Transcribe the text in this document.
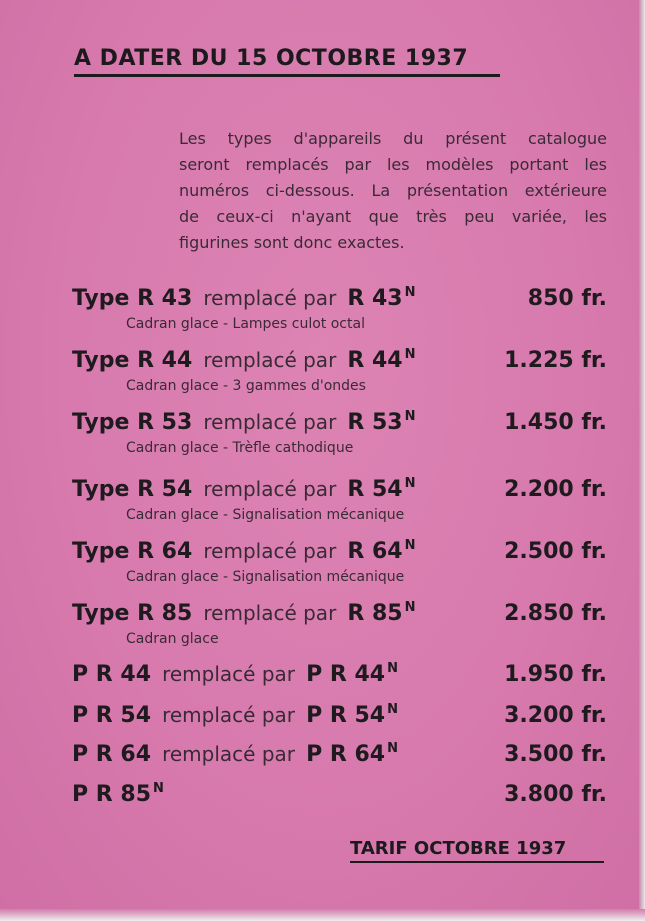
A DATER DU 15 OCTOBRE 1937

Les types d'appareils du présent catalogue

seront remplacés par les modèles portant les

numéros ci-dessous. La présentation extérieure

de ceux-ci n'ayant que très peu variée, les

figurines sont donc exactes.

Type R 43 remplacé par R 43 $^N$	850 fr.
Cadran glace - Lampes culot octal
Type R 44 remplacé par R 44 $^N$	1.225 fr.
Cadran glace - 3 gammes d'ondes
Type R 53 remplacé par R 53 $^N$	1.450 fr.
Cadran glace - Trèfle cathodique
Type R 54 remplacé par R 54 $^N$	2.200 fr.
Cadran glace - Signalisation mécanique
Type R 64 remplacé par R 64 $^N$	2.500 fr.
Cadran glace - Signalisation mécanique
Type R 85 remplacé par R 85 $^N$	2.850 fr.
Cadran glace
P R 44 remplacé par P R 44 $^N$	1.950 fr.
P R 54 remplacé par P R 54 $^N$	3.200 fr.
P R 64 remplacé par P R 64 $^N$	3.500 fr.
P R 85 $^N$	3.800 fr.
TARIF OCTOBRE 1937
